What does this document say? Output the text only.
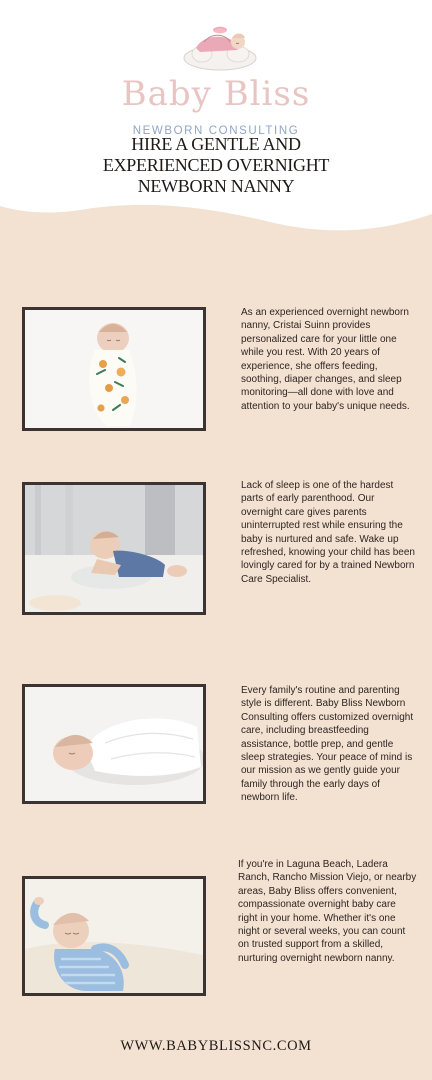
Baby Bliss
NEWBORN CONSULTING
HIRE A GENTLE AND
EXPERIENCED OVERNIGHT
NEWBORN NANNY
As an experienced overnight newborn nanny, Cristai Suinn provides personalized care for your little one while you rest. With 20 years of experience, she offers feeding, soothing, diaper changes, and sleep monitoring—all done with love and attention to your baby's unique needs.
Lack of sleep is one of the hardest parts of early parenthood. Our overnight care gives parents uninterrupted rest while ensuring the baby is nurtured and safe. Wake up refreshed, knowing your child has been lovingly cared for by a trained Newborn Care Specialist.
Every family's routine and parenting style is different. Baby Bliss Newborn Consulting offers customized overnight care, including breastfeeding assistance, bottle prep, and gentle sleep strategies. Your peace of mind is our mission as we gently guide your family through the early days of newborn life.
If you're in Laguna Beach, Ladera Ranch, Rancho Mission Viejo, or nearby areas, Baby Bliss offers convenient, compassionate overnight baby care right in your home. Whether it's one night or several weeks, you can count on trusted support from a skilled, nurturing overnight newborn nanny.
WWW.BABYBLISSNC.COM
